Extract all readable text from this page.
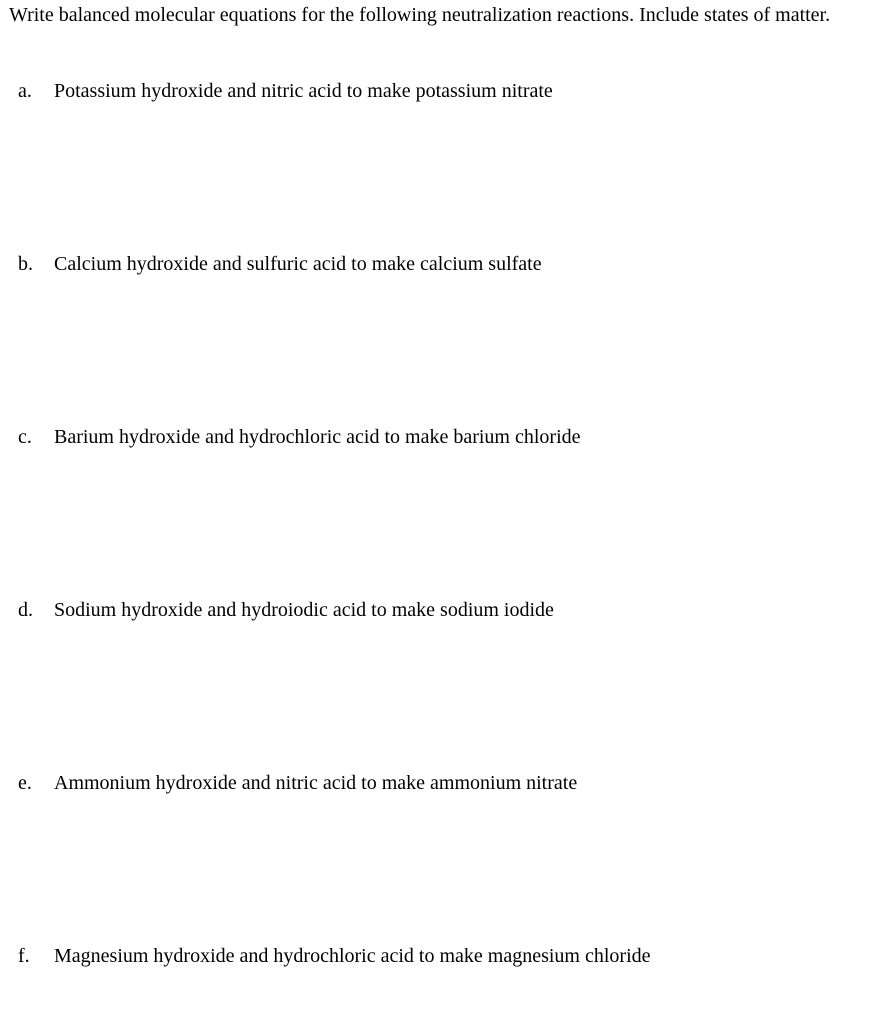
Write balanced molecular equations for the following neutralization reactions. Include states of matter.
a. Potassium hydroxide and nitric acid to make potassium nitrate
b. Calcium hydroxide and sulfuric acid to make calcium sulfate
c. Barium hydroxide and hydrochloric acid to make barium chloride
d. Sodium hydroxide and hydroiodic acid to make sodium iodide
e. Ammonium hydroxide and nitric acid to make ammonium nitrate
f. Magnesium hydroxide and hydrochloric acid to make magnesium chloride
